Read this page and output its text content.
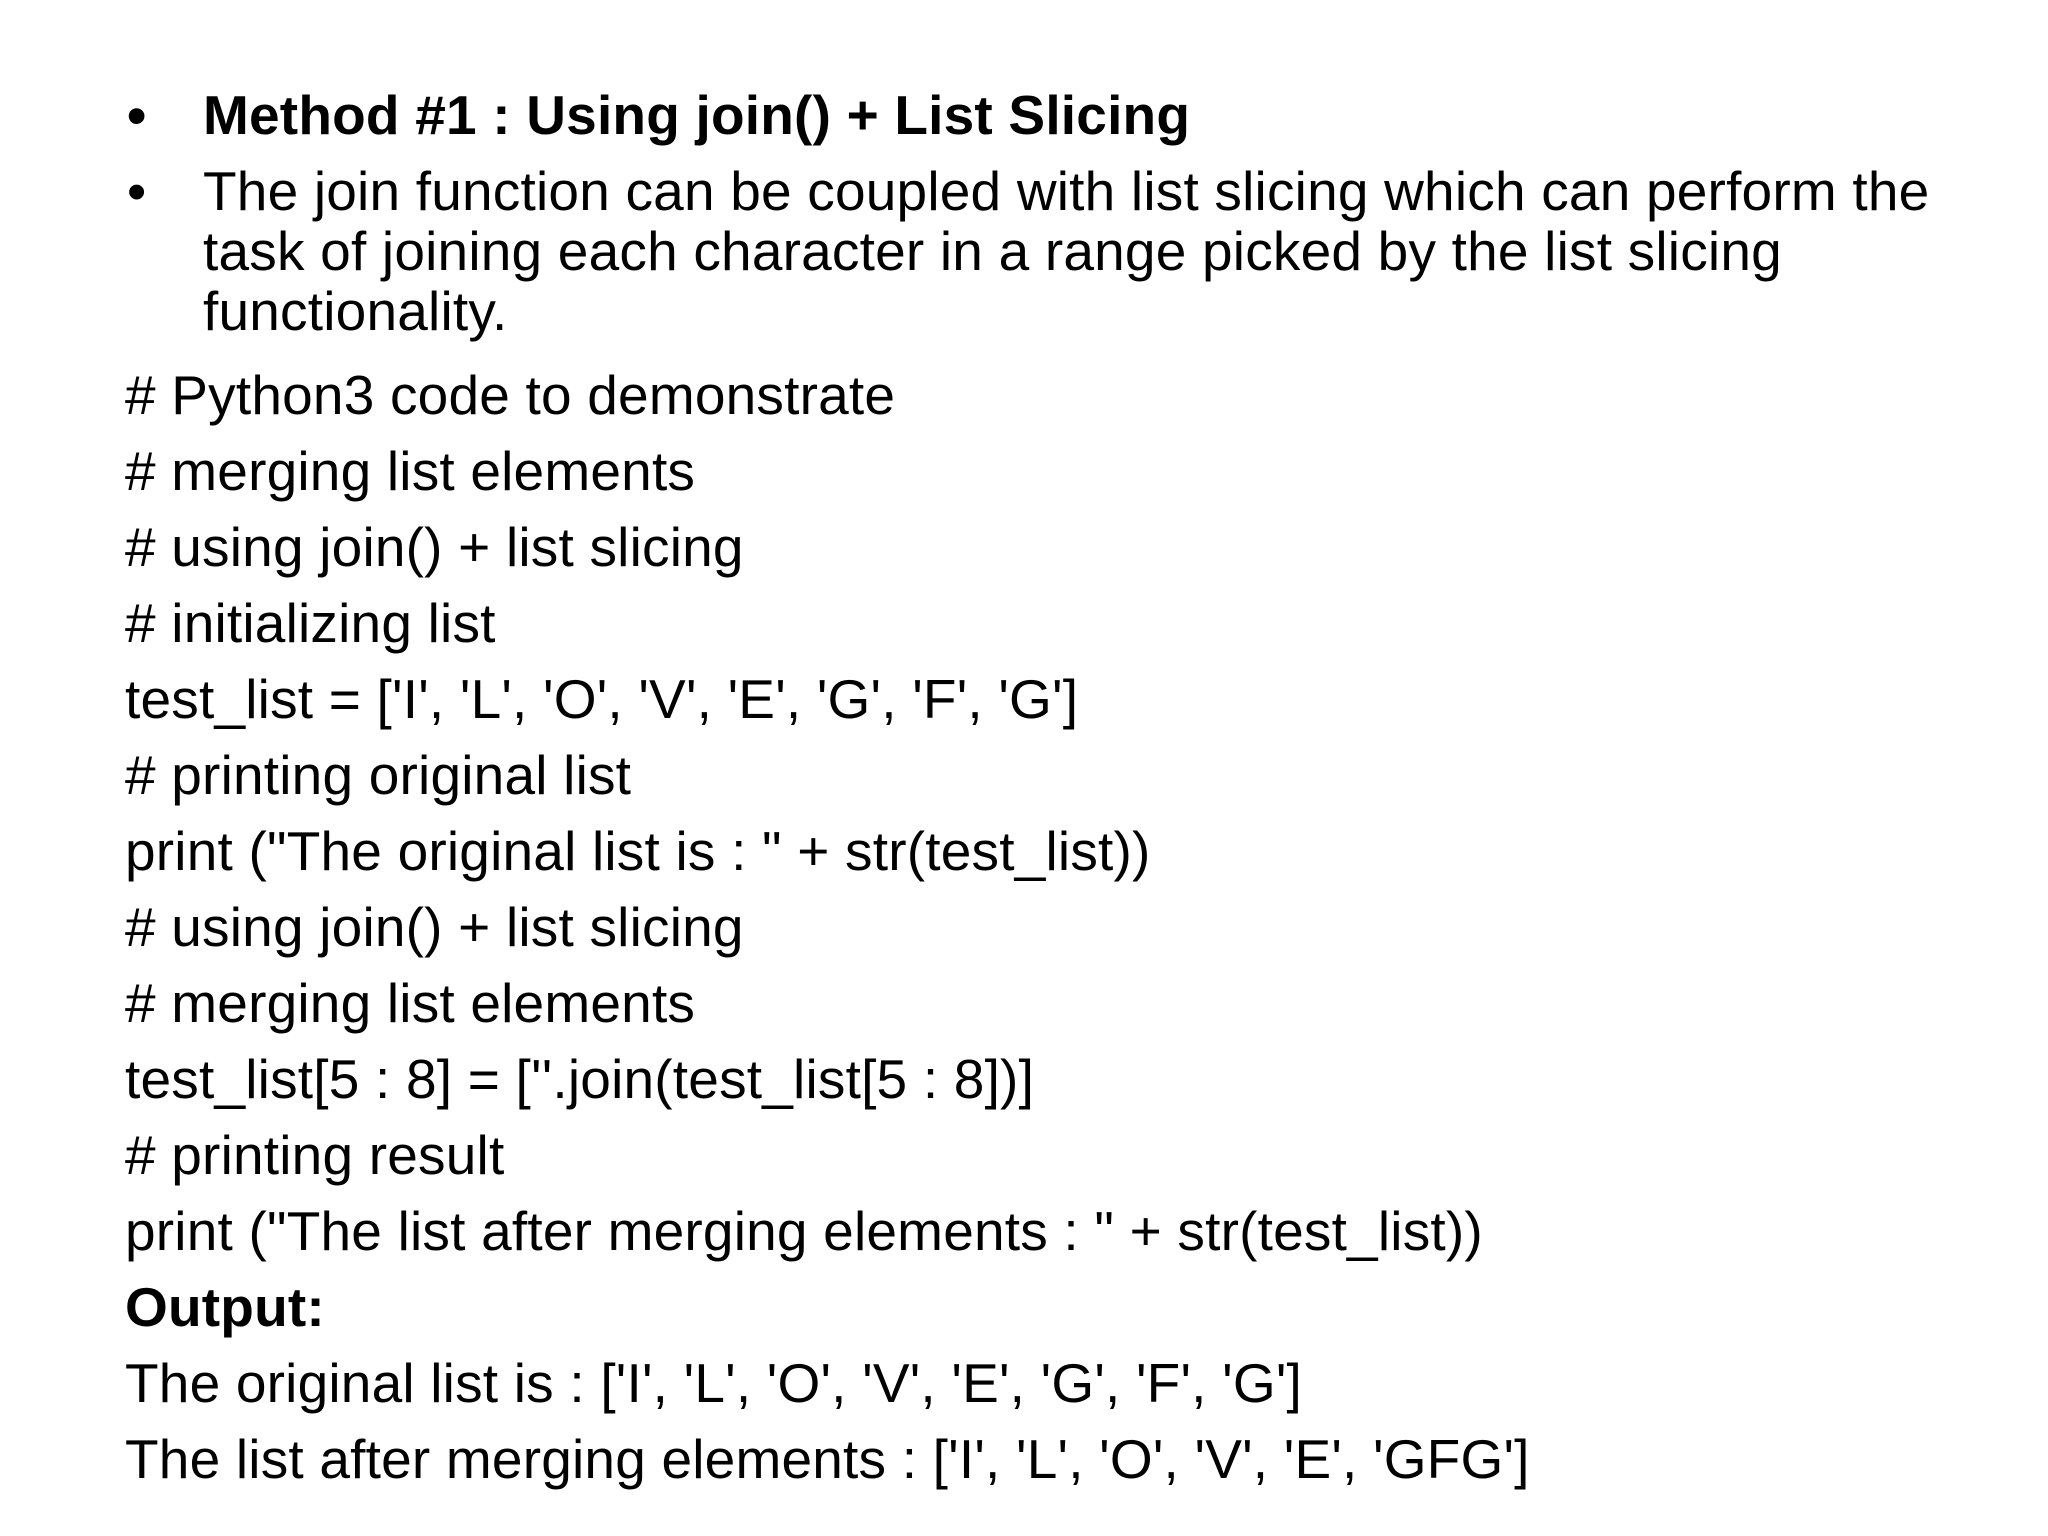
• Method #1 : Using join() + List Slicing
• The join function can be coupled with list slicing which can perform the task of joining each character in a range picked by the list slicing functionality.
# Python3 code to demonstrate
# merging list elements
# using join() + list slicing
# initializing list
test_list = ['I', 'L', 'O', 'V', 'E', 'G', 'F', 'G']
# printing original list
print ("The original list is : " + str(test_list))
# using join() + list slicing
# merging list elements
test_list[5 : 8] = [''.join(test_list[5 : 8])]
# printing result
print ("The list after merging elements : " + str(test_list))
Output:
The original list is : ['I', 'L', 'O', 'V', 'E', 'G', 'F', 'G']
The list after merging elements : ['I', 'L', 'O', 'V', 'E', 'GFG']
